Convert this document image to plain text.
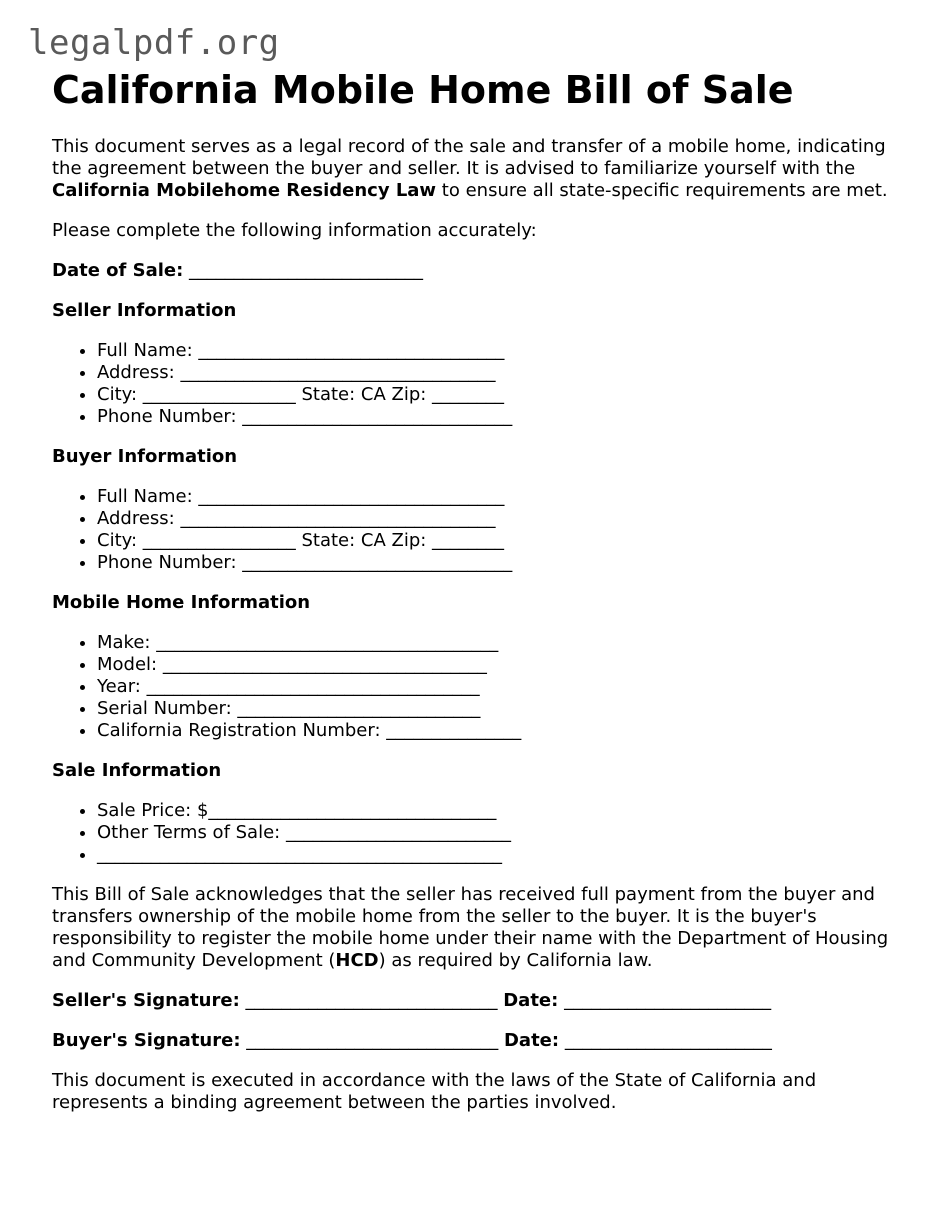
legalpdf.org
California Mobile Home Bill of Sale

This document serves as a legal record of the sale and transfer of a mobile home, indicating the agreement between the buyer and seller. It is advised to familiarize yourself with the California Mobilehome Residency Law to ensure all state-specific requirements are met.

Please complete the following information accurately:

Date of Sale: __________________________

Seller Information
• Full Name: __________________________________
• Address: ___________________________________
• City: _________________ State: CA Zip: ________
• Phone Number: ______________________________
Buyer Information
• Full Name: __________________________________
• Address: ___________________________________
• City: _________________ State: CA Zip: ________
• Phone Number: ______________________________
Mobile Home Information
• Make: ______________________________________
• Model: ____________________________________
• Year: _____________________________________
• Serial Number: ___________________________
• California Registration Number: _______________
Sale Information
• Sale Price: $________________________________
• Other Terms of Sale: _________________________
• _____________________________________________

This Bill of Sale acknowledges that the seller has received full payment from the buyer and transfers ownership of the mobile home from the seller to the buyer. It is the buyer's responsibility to register the mobile home under their name with the Department of Housing and Community Development (HCD) as required by California law.

Seller's Signature: ____________________________ Date: _______________________

Buyer's Signature: ____________________________ Date: _______________________

This document is executed in accordance with the laws of the State of California and represents a binding agreement between the parties involved.
